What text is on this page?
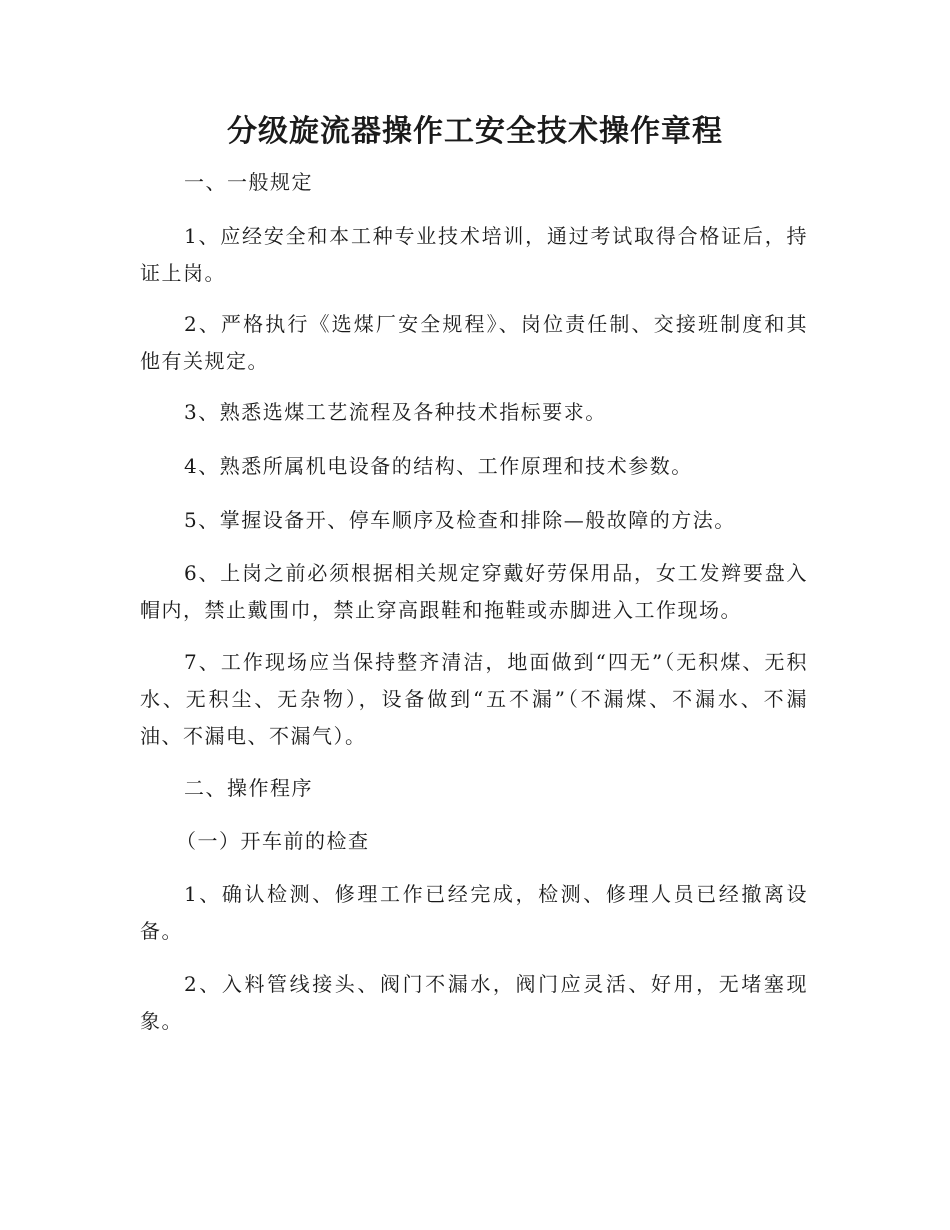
分级旋流器操作工安全技术操作章程

一、一般规定

1、应经安全和本工种专业技术培训，通过考试取得合格证后，持证上岗。

2、严格执行《选煤厂安全规程》、岗位责任制、交接班制度和其他有关规定。

3、熟悉选煤工艺流程及各种技术指标要求。

4、熟悉所属机电设备的结构、工作原理和技术参数。

5、掌握设备开、停车顺序及检查和排除—般故障的方法。

6、上岗之前必须根据相关规定穿戴好劳保用品，女工发辫要盘入帽内，禁止戴围巾，禁止穿高跟鞋和拖鞋或赤脚进入工作现场。

7、工作现场应当保持整齐清洁，地面做到“四无”（无积煤、无积水、无积尘、无杂物），设备做到“五不漏”（不漏煤、不漏水、不漏油、不漏电、不漏气）。

二、操作程序

（一）开车前的检查

1、确认检测、修理工作已经完成，检测、修理人员已经撤离设备。

2、入料管线接头、阀门不漏水，阀门应灵活、好用，无堵塞现象。
